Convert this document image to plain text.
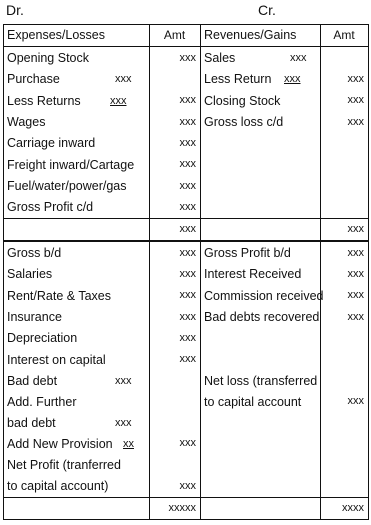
Dr.	Cr.
Expenses/Losses	Amt	Revenues/Gains	Amt

Opening Stock	xxx	Sales xxx	

Purchase xxx		Less Return xxx	xxx

Less Returns xxx	xxx	Closing Stock	xxx

Wages	xxx	Gross loss c/d	xxx

Carriage inward	xxx	

Freight inward/Cartage	xxx	

Fuel/water/power/gas	xxx	

Gross Profit c/d	xxx	

	xxx		xxx

Gross b/d	xxx	Gross Profit b/d	xxx

Salaries	xxx	Interest Received	xxx

Rent/Rate & Taxes	xxx	Commission received	xxx

Insurance	xxx	Bad debts recovered	xxx

Depreciation	xxx	

Interest on capital	xxx	

Bad debt xxx		Net loss (transferred	

Add. Further		to capital account	xxx

bad debt xxx			

Add New Provision xx	xxx	

Net Profit (tranferred			

to capital account)	xxx	

	xxxxx		xxxx
